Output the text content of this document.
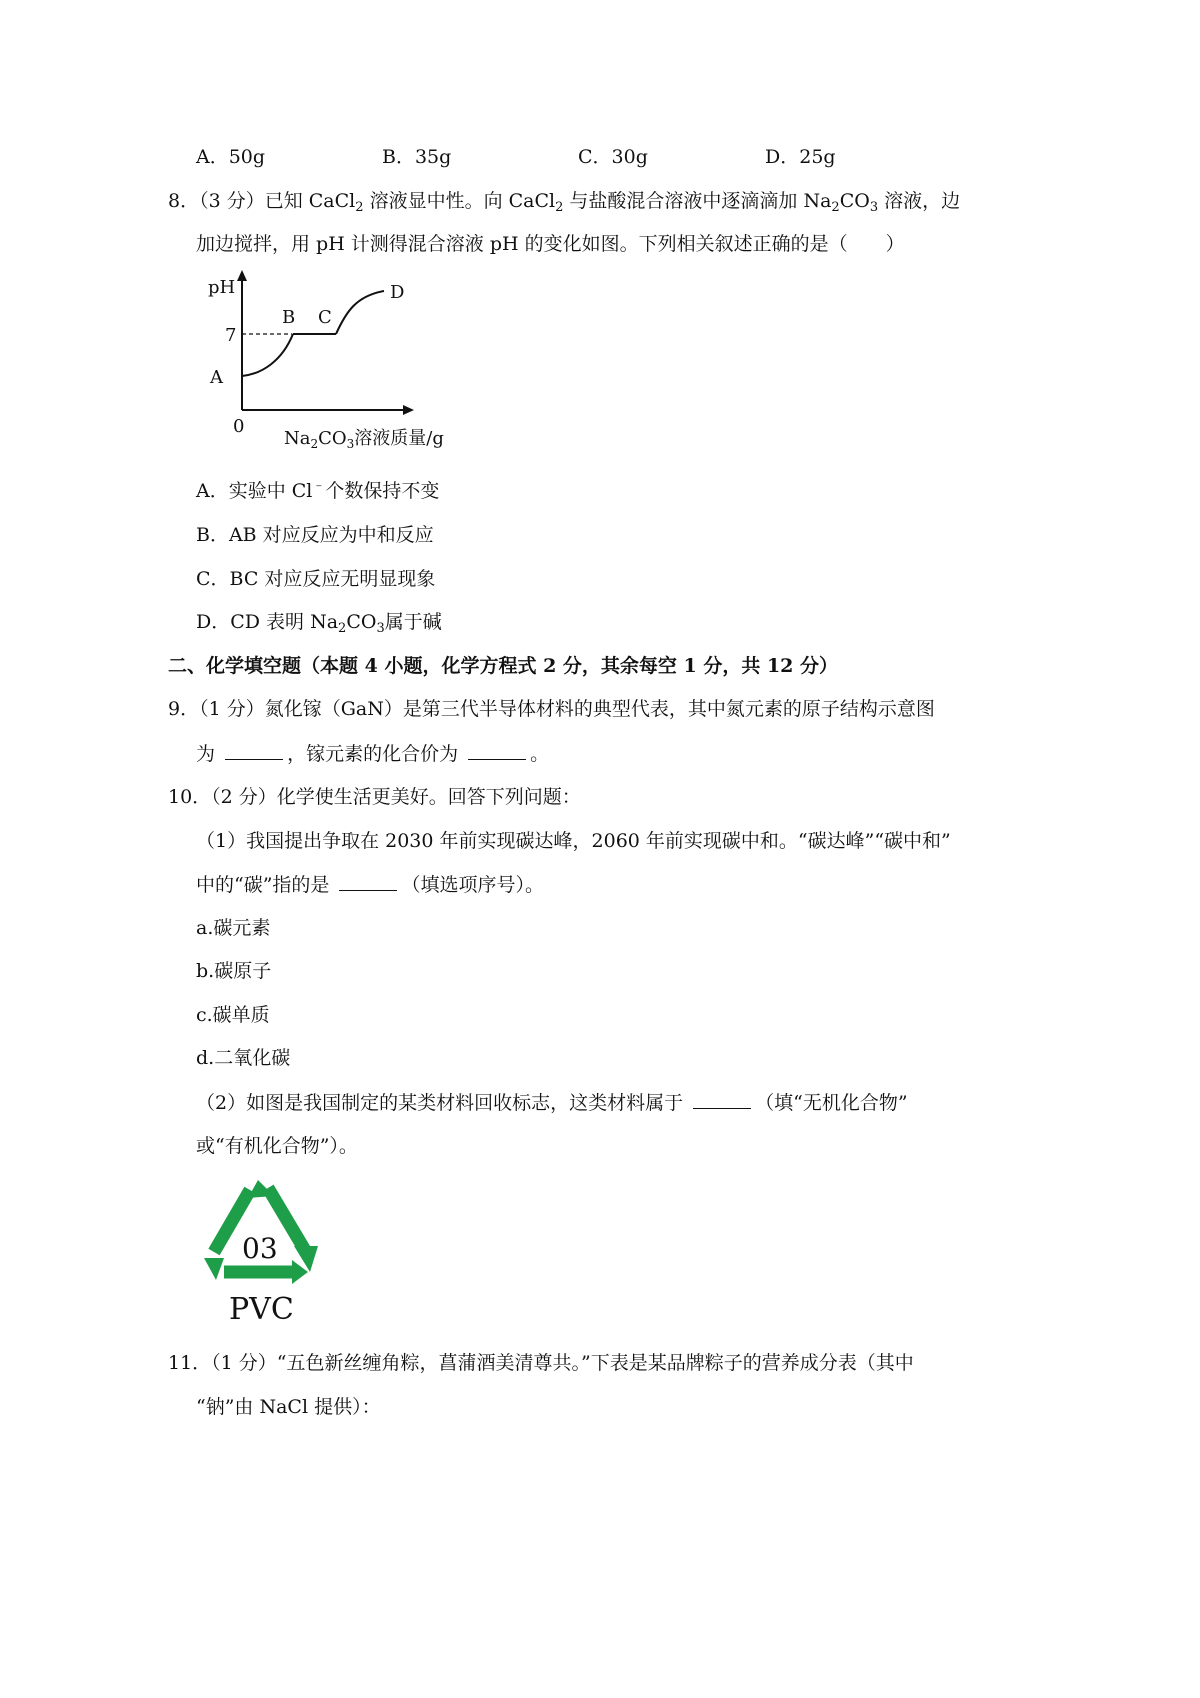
A．50g	B．35g	C．30g	D．25g
8．（3 分）已知 CaCl$_2$ 溶液显中性。向 CaCl$_2$ 与盐酸混合溶液中逐滴滴加 $Na_2CO_3$ 溶液，边
加边搅拌，用 pH 计测得混合溶液 pH 的变化如图。下列相关叙述正确的是（　　）
pH
7
0
A
B C
D
$Na_2CO_3$溶液质量/g
A．实验中 Cl﹣个数保持不变
B．AB 对应反应为中和反应
C．BC 对应反应无明显现象
D．CD 表明 $Na_2CO_3$属于碱
二、化学填空题（本题 4 小题，化学方程式 2 分，其余每空 1 分，共 12 分）
9．（1 分）氮化镓（GaN）是第三代半导体材料的典型代表，其中氮元素的原子结构示意图
为	，镓元素的化合价为	。
10．（2 分）化学使生活更美好。回答下列问题：
（1）我国提出争取在 2030 年前实现碳达峰，2060 年前实现碳中和。“碳达峰”“碳中和”
中的“碳”指的是	（填选项序号）。
a.碳元素
b.碳原子
c.碳单质
d.二氧化碳
（2）如图是我国制定的某类材料回收标志，这类材料属于	（填“无机化合物”
或“有机化合物”）。
03
PVC
11．（1 分）“五色新丝缠角粽，菖蒲酒美清尊共。”下表是某品牌粽子的营养成分表（其中
“钠”由 NaCl 提供）：
